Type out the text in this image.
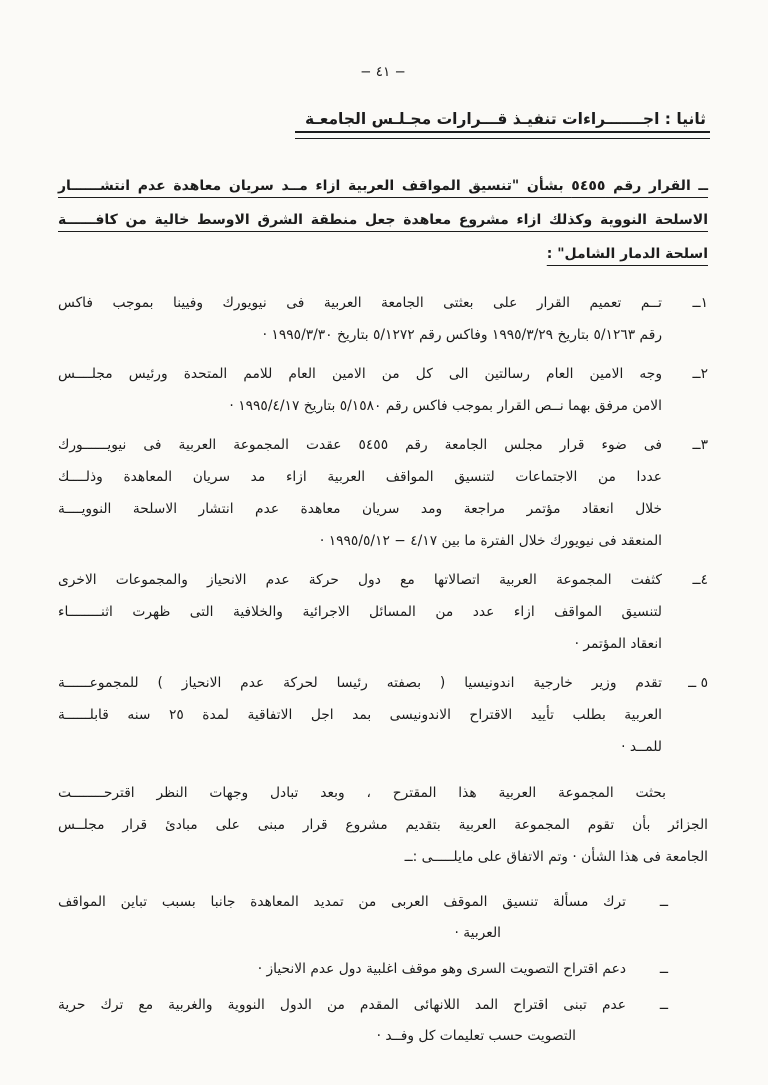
− ٤١ −
ثانيا : اجـــــــراءات تنفيـذ قـــرارات مجـلـس الجامعـة
ــ القرار رقم ٥٤٥٥ بشأن "تنسيق المواقف العربية ازاء مــد سريان معاهدة عدم انتشــــــار
الاسلحة النووية وكذلك ازاء مشروع معاهدة جعل منطقة الشرق الاوسط خالية من كافــــــة
اسلحة الدمار الشامل" :
١ــ
تــم تعميم القرار على بعثتى الجامعة العربية فى نيويورك وفيينا بموجب فاكس
رقم ٥/١٢٦٣ بتاريخ ١٩٩٥/٣/٢٩ وفاكس رقم ٥/١٢٧٢ بتاريخ ١٩٩٥/٣/٣٠ ·
٢ــ
وجه الامين العام رسالتين الى كل من الامين العام للامم المتحدة ورئيس مجلــــس
الامن مرفق بهما نــص القرار بموجب فاكس رقم ٥/١٥٨٠ بتاريخ ١٩٩٥/٤/١٧ ·
٣ــ
فى ضوء قرار مجلس الجامعة رقم ٥٤٥٥ عقدت المجموعة العربية فى نيويــــــورك
عددا من الاجتماعات لتنسيق المواقف العربية ازاء مد سريان المعاهدة وذلــــك
خلال انعقاد مؤتمر مراجعة ومد سريان معاهدة عدم انتشار الاسلحة النوويــــة
المنعقد فى نيويورك خلال الفترة ما بين ٤/١٧ − ١٩٩٥/٥/١٢ ·
٤ــ
كثفت المجموعة العربية اتصالاتها مع دول حركة عدم الانحياز والمجموعات الاخرى
لتنسيق المواقف ازاء عدد من المسائل الاجرائية والخلافية التى ظهرت اثنــــــــاء
انعقاد المؤتمر ·
٥ ــ
تقدم وزير خارجية اندونيسيا ( بصفته رئيسا لحركة عدم الانحياز ) للمجموعــــــة
العربية بطلب تأييد الاقتراح الاندونيسى بمد اجل الاتفاقية لمدة ٢٥ سنه قابلــــــة
للمــد ·
بحثت المجموعة العربية هذا المقترح ، وبعد تبادل وجهات النظر اقترحــــــــت
الجزائر بأن تقوم المجموعة العربية بتقديم مشروع قرار مبنى على مبادئ قرار مجلــس
الجامعة فى هذا الشأن · وتم الاتفاق على مايلـــــى :ــ
ــ
ترك مسألة تنسيق الموقف العربى من تمديد المعاهدة جانبا بسبب تباين المواقف
العربية ·
ــ
دعم اقتراح التصويت السرى وهو موقف اغلبية دول عدم الانحياز ·
ــ
عدم تبنى اقتراح المد اللانهائى المقدم من الدول النووية والغربية مع ترك حرية
التصويت حسب تعليمات كل وفــد ·
